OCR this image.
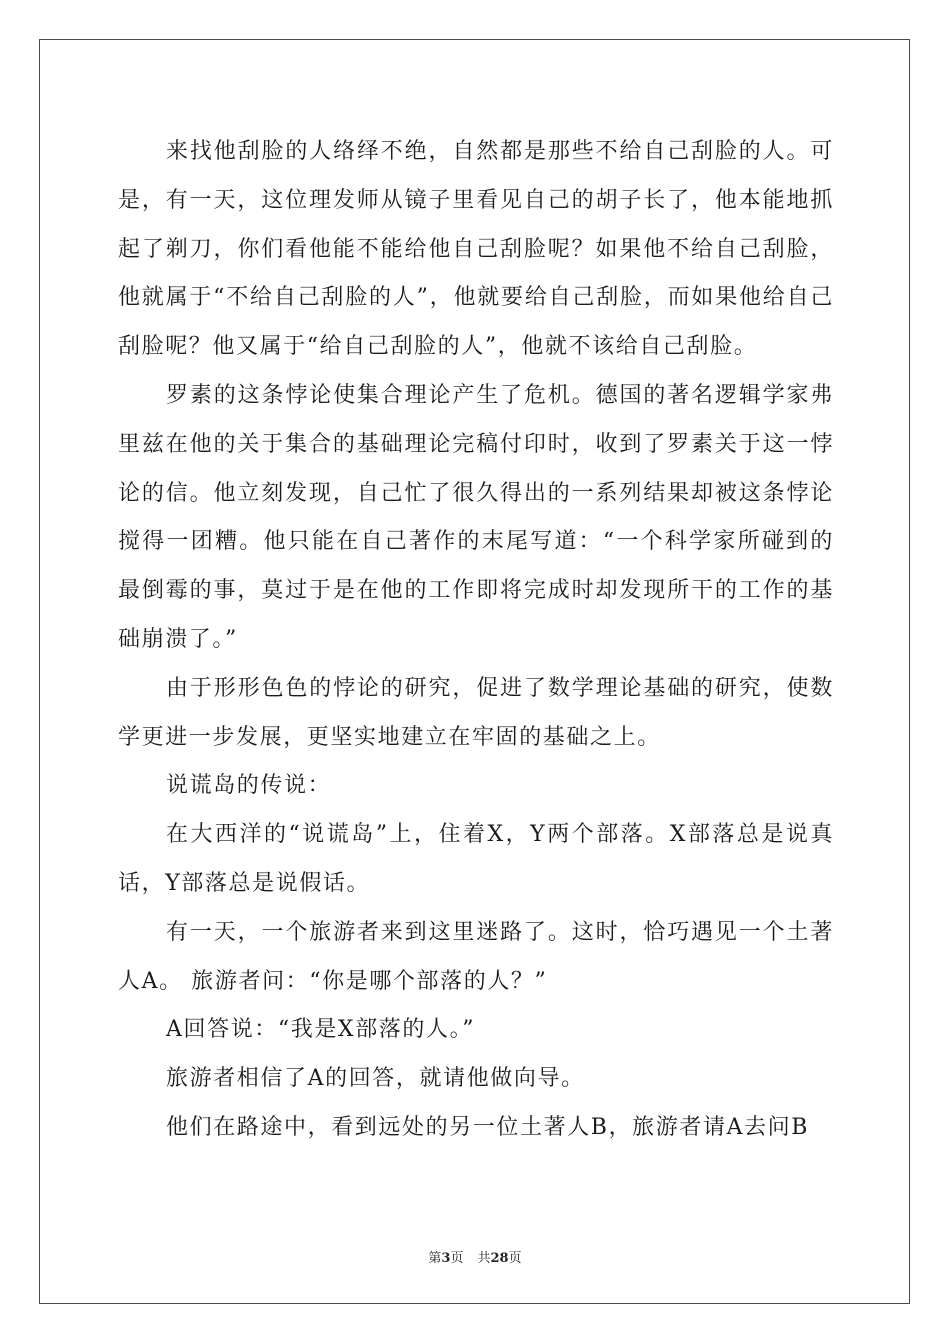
来找他刮脸的人络绎不绝，自然都是那些不给自己刮脸的人。可是，有一天，这位理发师从镜子里看见自己的胡子长了，他本能地抓起了剃刀，你们看他能不能给他自己刮脸呢？如果他不给自己刮脸，他就属于“不给自己刮脸的人”，他就要给自己刮脸，而如果他给自己刮脸呢？他又属于“给自己刮脸的人”，他就不该给自己刮脸。

罗素的这条悖论使集合理论产生了危机。德国的著名逻辑学家弗里兹在他的关于集合的基础理论完稿付印时，收到了罗素关于这一悖论的信。他立刻发现，自己忙了很久得出的一系列结果却被这条悖论搅得一团糟。他只能在自己著作的末尾写道：“一个科学家所碰到的最倒霉的事，莫过于是在他的工作即将完成时却发现所干的工作的基础崩溃了。”

由于形形色色的悖论的研究，促进了数学理论基础的研究，使数学更进一步发展，更坚实地建立在牢固的基础之上。

说谎岛的传说：

在大西洋的“说谎岛”上，住着X，Y两个部落。X部落总是说真话，Y部落总是说假话。

有一天，一个旅游者来到这里迷路了。这时，恰巧遇见一个土著人A。 旅游者问：“你是哪个部落的人？”

A回答说：“我是X部落的人。”

旅游者相信了A的回答，就请他做向导。

他们在路途中，看到远处的另一位土著人B，旅游者请A去问B

第3页 共28页
